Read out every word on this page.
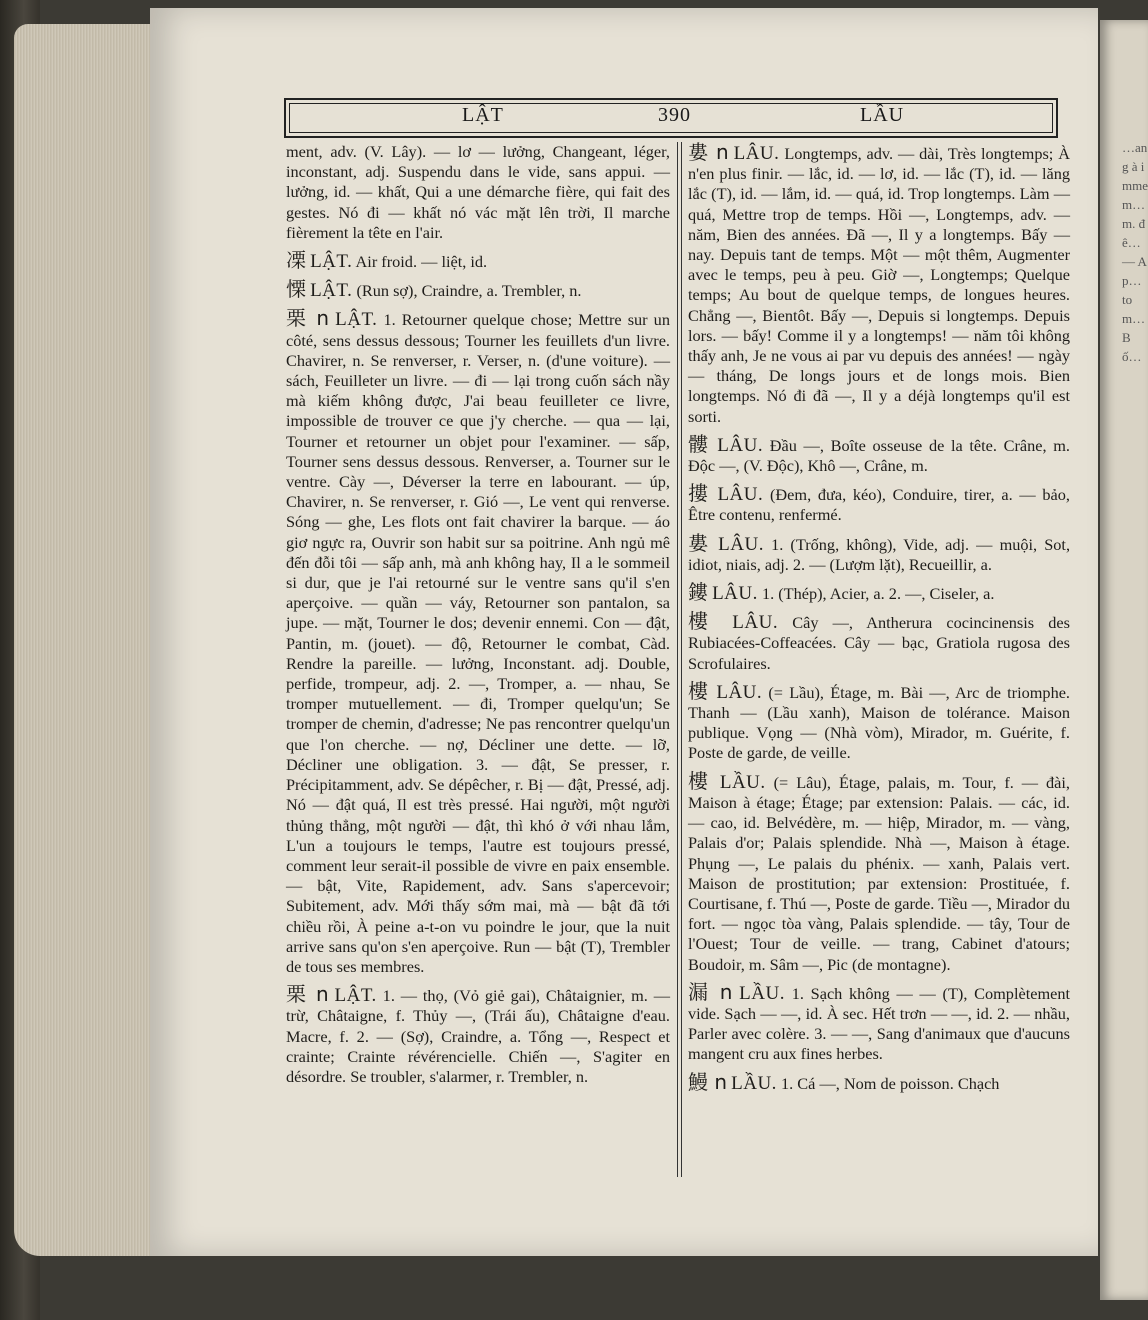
…ang à immem… m. đê… — Ap… tom… Bố…
LẬT	390	LẦU

ment, adv. (V. Lây). — lơ — lưởng, Changeant, léger, inconstant, adj. Suspendu dans le vide, sans appui. — lưởng, id. — khất, Qui a une démarche fière, qui fait des gestes. Nó đi — khất nó vác mặt lên trời, Il marche fièrement la tête en l'air.

凓 LẬT. Air froid. — liệt, id.

慄 LẬT. (Run sợ), Craindre, a. Trembler, n.

栗 n LẬT. 1. Retourner quelque chose; Mettre sur un côté, sens dessus dessous; Tourner les feuillets d'un livre. Chavirer, n. Se renverser, r. Verser, n. (d'une voiture). — sách, Feuilleter un livre. — đi — lại trong cuốn sách nầy mà kiếm không được, J'ai beau feuilleter ce livre, impossible de trouver ce que j'y cherche. — qua — lại, Tourner et retourner un objet pour l'examiner. — sấp, Tourner sens dessus dessous. Renverser, a. Tourner sur le ventre. Cày —, Déverser la terre en labourant. — úp, Chavirer, n. Se renverser, r. Gió —, Le vent qui renverse. Sóng — ghe, Les flots ont fait chavirer la barque. — áo giơ ngực ra, Ouvrir son habit sur sa poitrine. Anh ngủ mê đến đỗi tôi — sấp anh, mà anh không hay, Il a le sommeil si dur, que je l'ai retourné sur le ventre sans qu'il s'en aperçoive. — quần — váy, Retourner son pantalon, sa jupe. — mặt, Tourner le dos; devenir ennemi. Con — đật, Pantin, m. (jouet). — độ, Retourner le combat, Càd. Rendre la pareille. — lưởng, Inconstant. adj. Double, perfide, trompeur, adj. 2. —, Tromper, a. — nhau, Se tromper mutuellement. — đi, Tromper quelqu'un; Se tromper de chemin, d'adresse; Ne pas rencontrer quelqu'un que l'on cherche. — nợ, Décliner une dette. — lỡ, Décliner une obligation. 3. — đật, Se presser, r. Précipitamment, adv. Se dépêcher, r. Bị — đật, Pressé, adj. Nó — đật quá, Il est très pressé. Hai người, một người thủng thẳng, một người — đật, thì khó ở với nhau lắm, L'un a toujours le temps, l'autre est toujours pressé, comment leur serait-il possible de vivre en paix ensemble. — bật, Vite, Rapidement, adv. Sans s'apercevoir; Subitement, adv. Mới thấy sớm mai, mà — bật đã tới chiều rồi, À peine a-t-on vu poindre le jour, que la nuit arrive sans qu'on s'en aperçoive. Run — bật (T), Trembler de tous ses membres.

栗 n LẬT. 1. — thọ, (Vỏ giẻ gai), Châtaignier, m. — trừ, Châtaigne, f. Thủy —, (Trái ấu), Châtaigne d'eau. Macre, f. 2. — (Sợ), Craindre, a. Tổng —, Respect et crainte; Crainte révérencielle. Chiến —, S'agiter en désordre. Se troubler, s'alarmer, r. Trembler, n.

婁 n LÂU. Longtemps, adv. — dài, Très longtemps; À n'en plus finir. — lắc, id. — lơ, id. — lắc (T), id. — lăng lắc (T), id. — lắm, id. — quá, id. Trop longtemps. Làm — quá, Mettre trop de temps. Hồi —, Longtemps, adv. — năm, Bien des années. Đã —, Il y a longtemps. Bấy — nay. Depuis tant de temps. Một — một thêm, Augmenter avec le temps, peu à peu. Giờ —, Longtemps; Quelque temps; Au bout de quelque temps, de longues heures. Chẳng —, Bientôt. Bấy —, Depuis si longtemps. Depuis lors. — bấy! Comme il y a longtemps! — năm tôi không thấy anh, Je ne vous ai par vu depuis des années! — ngày — tháng, De longs jours et de longs mois. Bien longtemps. Nó đi đã —, Il y a déjà longtemps qu'il est sorti.

髏 LÂU. Đầu —, Boîte osseuse de la tête. Crâne, m. Độc —, (V. Độc), Khô —, Crâne, m.

摟 LÂU. (Đem, đưa, kéo), Conduire, tirer, a. — bảo, Être contenu, renfermé.

婁 LÂU. 1. (Trống, không), Vide, adj. — muội, Sot, idiot, niais, adj. 2. — (Lượm lặt), Recueillir, a.

鏤 LÂU. 1. (Thép), Acier, a. 2. —, Ciseler, a.

樓 LÂU. Cây —, Antherura cocincinensis des Rubiacées-Coffeacées. Cây — bạc, Gratiola rugosa des Scrofulaires.

樓 LÂU. (= Lầu), Étage, m. Bài —, Arc de triomphe. Thanh — (Lầu xanh), Maison de tolérance. Maison publique. Vọng — (Nhà vòm), Mirador, m. Guérite, f. Poste de garde, de veille.

樓 LẦU. (= Lâu), Étage, palais, m. Tour, f. — đài, Maison à étage; Étage; par extension: Palais. — các, id. — cao, id. Belvédère, m. — hiệp, Mirador, m. — vàng, Palais d'or; Palais splendide. Nhà —, Maison à étage. Phụng —, Le palais du phénix. — xanh, Palais vert. Maison de prostitution; par extension: Prostituée, f. Courtisane, f. Thú —, Poste de garde. Tiều —, Mirador du fort. — ngọc tòa vàng, Palais splendide. — tây, Tour de l'Ouest; Tour de veille. — trang, Cabinet d'atours; Boudoir, m. Sâm —, Pic (de montagne).

漏 n LẦU. 1. Sạch không — — (T), Complètement vide. Sạch — —, id. À sec. Hết trơn — —, id. 2. — nhầu, Parler avec colère. 3. — —, Sang d'animaux que d'aucuns mangent cru aux fines herbes.

鰻 n LẦU. 1. Cá —, Nom de poisson. Chạch
